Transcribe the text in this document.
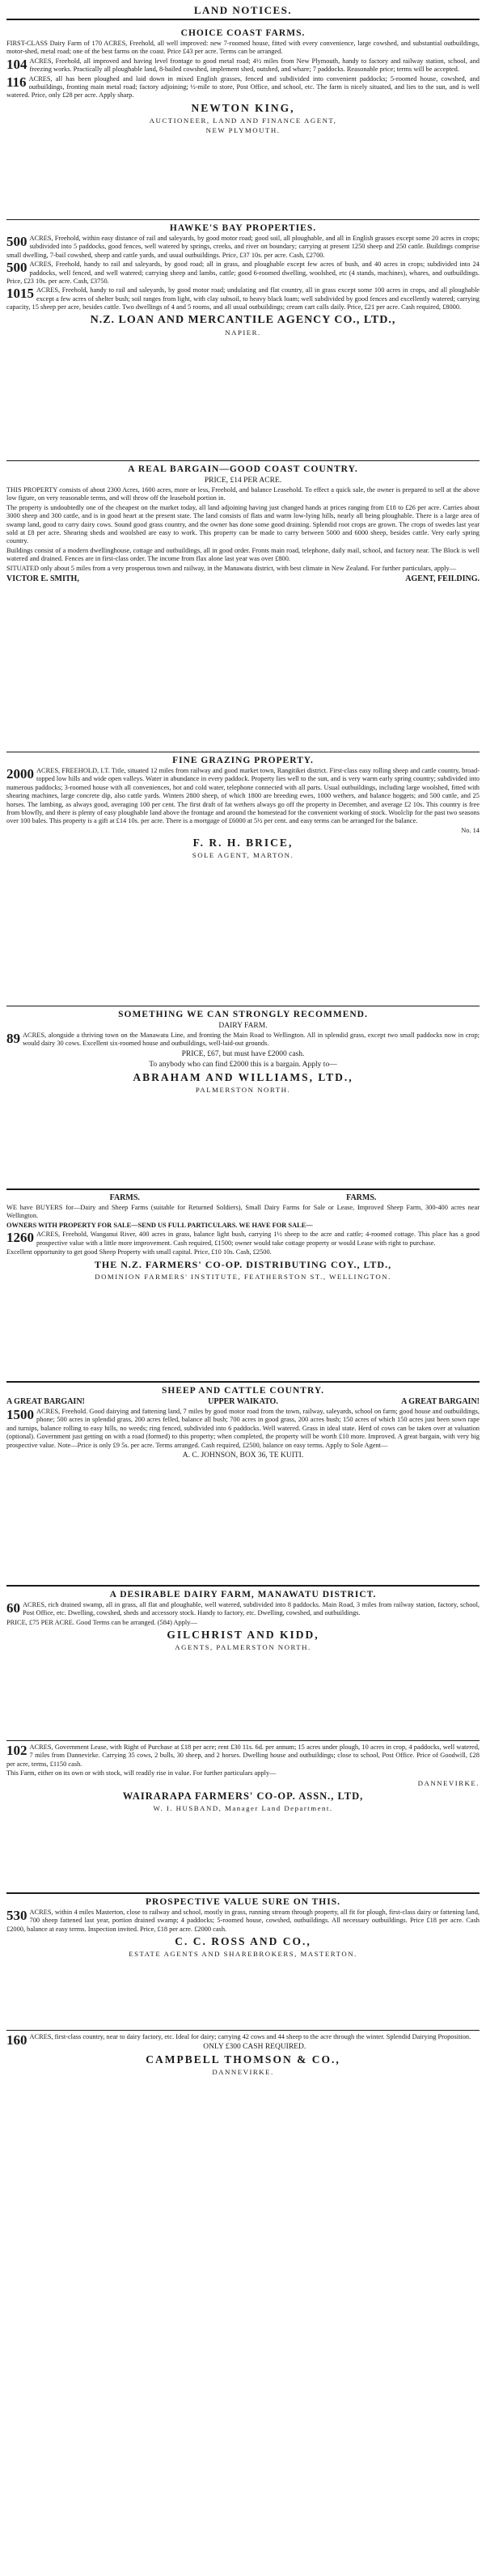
LAND NOTICES.
CHOICE COAST FARMS.
FIRST-CLASS Dairy Farm of 170 ACRES, Freehold, all well improved: new 7-roomed house, fitted with every convenience, large cowshed, and substantial outbuildings, motor-shed, metal road; one of the best farms on the coast. Price £43 per acre. Terms can be arranged.
104 ACRES, Freehold, all improved and having level frontage to good metal road; 4½ miles from New Plymouth, handy to factory and railway station, school, and freezing works. Practically all ploughable land, 8-bailed cowshed, implement shed, outshed, and whare; 7 paddocks. Reasonable price; terms will be accepted.
116 ACRES, all has been ploughed and laid down in mixed English grasses, fenced and subdivided into convenient paddocks; 5-roomed house, cowshed, and outbuildings, fronting main metal road; factory adjoining; ½-mile to store, Post Office, and school, etc. The farm is nicely situated, and lies to the sun, and is well watered. Price, only £28 per acre. Apply sharp.
NEWTON KING,
AUCTIONEER, LAND AND FINANCE AGENT,
NEW PLYMOUTH.
HAWKE'S BAY PROPERTIES.
500 ACRES, Freehold, within easy distance of rail and saleyards, by good motor road; good soil, all ploughable, and all in English grasses except some 20 acres in crops; subdivided into 5 paddocks, good fences, well watered by springs, creeks, and river on boundary; carrying at present 1250 sheep and 250 cattle. Buildings comprise small dwelling, 7-bail cowshed, sheep and cattle yards, and usual outbuildings. Price, £37 10s. per acre. Cash, £2700.
500 ACRES, Freehold, handy to rail and saleyards, by good road; all in grass, and ploughable except few acres of bush, and 40 acres in crops; subdivided into 24 paddocks, well fenced, and well watered; carrying sheep and lambs, cattle; good 6-roomed dwelling, woolshed, etc (4 stands, machines), whares, and outbuildings. Price, £23 10s. per acre. Cash, £3750.
1015 ACRES, Freehold, handy to rail and saleyards, by good motor road; undulating and flat country, all in grass except some 100 acres in crops, and all ploughable except a few acres of shelter bush; soil ranges from light, with clay subsoil, to heavy black loam; well subdivided by good fences and excellently watered; carrying capacity, 15 sheep per acre, besides cattle. Two dwellings of 4 and 5 rooms, and all usual outbuildings; cream cart calls daily. Price, £21 per acre. Cash required, £8000.
N.Z. LOAN AND MERCANTILE AGENCY CO., LTD.,
NAPIER.
A REAL BARGAIN—GOOD COAST COUNTRY.
PRICE, £14 PER ACRE.
THIS PROPERTY consists of about 2300 Acres, 1600 acres, more or less, Freehold, and balance Leasehold. To effect a quick sale, the owner is prepared to sell at the above low figure, on very reasonable terms, and will throw off the leasehold portion in.
The property is undoubtedly one of the cheapest on the market today, all land adjoining having just changed hands at prices ranging from £18 to £26 per acre. Carries about 3000 sheep and 300 cattle, and is in good heart at the present state. The land consists of flats and warm low-lying hills, nearly all being ploughable. There is a large area of swamp land, good to carry dairy cows. Sound good grass country, and the owner has done some good draining. Splendid root crops are grown. The crops of swedes last year sold at £8 per acre. Shearing sheds and woolshed are easy to work. This property can be made to carry between 5000 and 6000 sheep, besides cattle. Very early spring country.
Buildings consist of a modern dwellinghouse, cottage and outbuildings, all in good order. Fronts main road, telephone, daily mail, school, and factory near. The Block is well watered and drained. Fences are in first-class order. The income from flax alone last year was over £800.
SITUATED only about 5 miles from a very prosperous town and railway, in the Manawatu district, with best climate in New Zealand. For further particulars, apply—
VICTOR E. SMITH,	AGENT, FEILDING.
FINE GRAZING PROPERTY.
2000 ACRES, FREEHOLD, I.T. Title, situated 12 miles from railway and good market town, Rangitikei district. First-class easy rolling sheep and cattle country, broad-topped low hills and wide open valleys. Water in abundance in every paddock. Property lies well to the sun, and is very warm early spring country; subdivided into numerous paddocks; 3-roomed house with all conveniences, hot and cold water, telephone connected with all parts. Usual outbuildings, including large woolshed, fitted with shearing machines, large concrete dip, also cattle yards. Winters 2800 sheep, of which 1800 are breeding ewes, 1000 wethers, and balance hoggets; and 500 cattle, and 25 horses. The lambing, as always good, averaging 100 per cent. The first draft of fat wethers always go off the property in December, and average £2 10s. This country is free from blowfly, and there is plenty of easy ploughable land above the frontage and around the homestead for the convenient working of stock. Woolclip for the past two seasons over 100 bales. This property is a gift at £14 10s. per acre. There is a mortgage of £6000 at 5½ per cent. and easy terms can be arranged for the balance.
No. 14
F. R. H. BRICE,
SOLE AGENT, MARTON.
SOMETHING WE CAN STRONGLY RECOMMEND.
DAIRY FARM.
89 ACRES, alongside a thriving town on the Manawatu Line, and fronting the Main Road to Wellington. All in splendid grass, except two small paddocks now in crop; would dairy 30 cows. Excellent six-roomed house and outbuildings, well-laid-out grounds.
PRICE, £67, but must have £2000 cash.
To anybody who can find £2000 this is a bargain. Apply to—
ABRAHAM AND WILLIAMS, LTD.,
PALMERSTON NORTH.
FARMS.	FARMS.
WE have BUYERS for—Dairy and Sheep Farms (suitable for Returned Soldiers), Small Dairy Farms for Sale or Lease, Improved Sheep Farm, 300-400 acres near Wellington.
OWNERS WITH PROPERTY FOR SALE—SEND US FULL PARTICULARS. WE HAVE FOR SALE—
1260 ACRES, Freehold, Wanganui River, 400 acres in grass, balance light bush, carrying 1½ sheep to the acre and cattle; 4-roomed cottage. This place has a good prospective value with a little more improvement. Cash required, £1500; owner would take cottage property or would Lease with right to purchase.
Excellent opportunity to get good Sheep Property with small capital. Price, £10 10s. Cash, £2500.
THE N.Z. FARMERS' CO-OP. DISTRIBUTING COY., LTD.,
DOMINION FARMERS' INSTITUTE, FEATHERSTON ST., WELLINGTON.
SHEEP AND CATTLE COUNTRY.
A GREAT BARGAIN!	UPPER WAIKATO.	A GREAT BARGAIN!
1500 ACRES, Freehold. Good dairying and fattening land, 7 miles by good motor road from the town, railway, saleyards, school on farm; good house and outbuildings, phone; 500 acres in splendid grass, 200 acres felled, balance all bush; 700 acres in good grass, 200 acres bush; 150 acres of which 150 acres just been sown rape and turnips, balance rolling to easy hills, no weeds; ring fenced, subdivided into 6 paddocks. Well watered. Grass in ideal state. Herd of cows can be taken over at valuation (optional). Government just getting on with a road (formed) to this property; when completed, the property will be worth £10 more. Improved. A great bargain, with very big prospective value. Note—Price is only £9 5s. per acre. Terms arranged. Cash required, £2500, balance on easy terms. Apply to Sole Agent—
A. C. JOHNSON, BOX 36, TE KUITI.
A DESIRABLE DAIRY FARM, MANAWATU DISTRICT.
60 ACRES, rich drained swamp, all in grass, all flat and ploughable, well watered, subdivided into 8 paddocks. Main Road, 3 miles from railway station, factory, school, Post Office, etc. Dwelling, cowshed, sheds and accessory stock. Handy to factory, etc. Dwelling, cowshed, and outbuildings.
PRICE, £75 PER ACRE. Good Terms can be arranged. (584) Apply—
GILCHRIST AND KIDD,
AGENTS, PALMERSTON NORTH.
102 ACRES, Government Lease, with Right of Purchase at £18 per acre; rent £30 11s. 6d. per annum; 15 acres under plough, 10 acres in crop, 4 paddocks, well watered, 7 miles from Dannevirke. Carrying 35 cows, 2 bulls, 30 sheep, and 2 horses. Dwelling house and outbuildings; close to school, Post Office. Price of Goodwill, £28 per acre, terms, £1150 cash.
This Farm, either on its own or with stock, will readily rise in value. For further particulars apply—
DANNEVIRKE.
WAIRARAPA FARMERS' CO-OP. ASSN., LTD,
W. I. HUSBAND, Manager Land Department.
PROSPECTIVE VALUE SURE ON THIS.
530 ACRES, within 4 miles Masterton, close to railway and school, mostly in grass, running stream through property, all fit for plough, first-class dairy or fattening land, 700 sheep fattened last year, portion drained swamp; 4 paddocks; 5-roomed house, cowshed, outbuildings. All necessary outbuildings. Price £18 per acre. Cash £2000, balance at easy terms. Inspection invited. Price, £18 per acre. £2000 cash.
C. C. ROSS AND CO.,
ESTATE AGENTS AND SHAREBROKERS, MASTERTON.
160 ACRES, first-class country, near to dairy factory, etc. Ideal for dairy; carrying 42 cows and 44 sheep to the acre through the winter. Splendid Dairying Proposition.
ONLY £300 CASH REQUIRED.
CAMPBELL THOMSON & CO.,
DANNEVIRKE.
